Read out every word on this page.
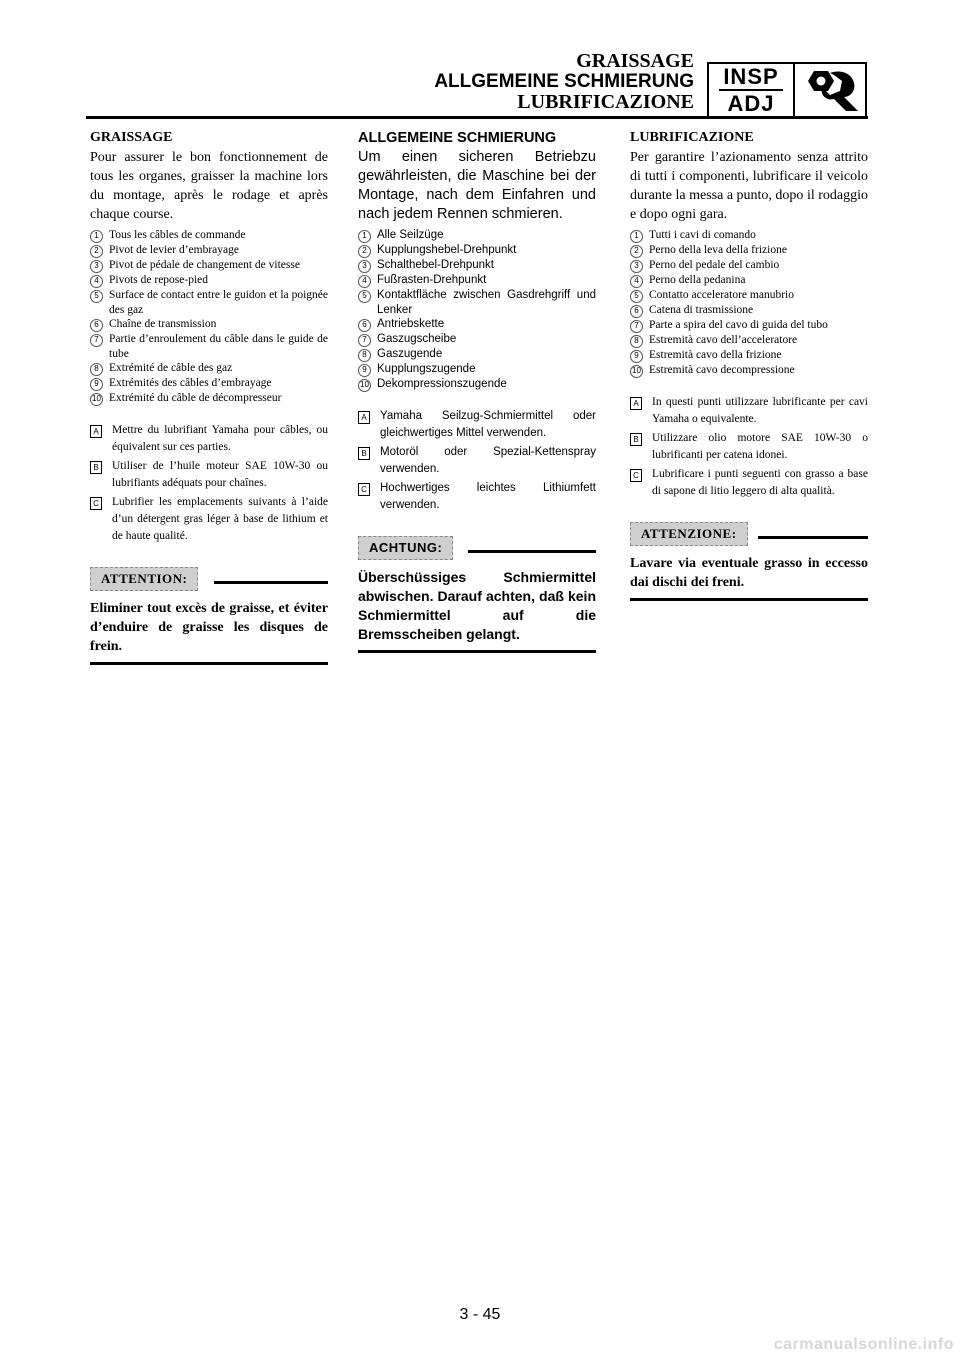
GRAISSAGE
ALLGEMEINE SCHMIERUNG
LUBRIFICAZIONE
INSP
ADJ
GRAISSAGE

Pour assurer le bon fonctionnement de tous les organes, graisser la machine lors du montage, après le rodage et après chaque course.

1 Tous les câbles de commande
2 Pivot de levier d’embrayage
3 Pivot de pédale de changement de vitesse
4 Pivots de repose-pied
5 Surface de contact entre le guidon et la poignée des gaz
6 Chaîne de transmission
7 Partie d’enroulement du câble dans le guide de tube
8 Extrémité de câble des gaz
9 Extrémités des câbles d’embrayage
10 Extrémité du câble de décompresseur
A Mettre du lubrifiant Yamaha pour câbles, ou équivalent sur ces parties.
B Utiliser de l’huile moteur SAE 10W-30 ou lubrifiants adéquats pour chaînes.
C Lubrifier les emplacements suivants à l’aide d’un détergent gras léger à base de lithium et de haute qualité.
ATTENTION:
Eliminer tout excès de graisse, et éviter d’enduire de graisse les disques de frein.
ALLGEMEINE SCHMIERUNG

Um einen sicheren Betriebzu gewährleisten, die Maschine bei der Montage, nach dem Einfahren und nach jedem Rennen schmieren.

1 Alle Seilzüge
2 Kupplungshebel-Drehpunkt
3 Schalthebel-Drehpunkt
4 Fußrasten-Drehpunkt
5 Kontaktfläche zwischen Gasdrehgriff und Lenker
6 Antriebskette
7 Gaszugscheibe
8 Gaszugende
9 Kupplungszugende
10 Dekompressionszugende
A Yamaha Seilzug-Schmiermittel oder gleichwertiges Mittel verwenden.
B Motoröl oder Spezial-Kettenspray verwenden.
C Hochwertiges leichtes Lithiumfett verwenden.
ACHTUNG:
Überschüssiges Schmiermittel abwischen. Darauf achten, daß kein Schmiermittel auf die Bremsscheiben gelangt.
LUBRIFICAZIONE

Per garantire l’azionamento senza attrito di tutti i componenti, lubrificare il veicolo durante la messa a punto, dopo il rodaggio e dopo ogni gara.

1 Tutti i cavi di comando
2 Perno della leva della frizione
3 Perno del pedale del cambio
4 Perno della pedanina
5 Contatto acceleratore manubrio
6 Catena di trasmissione
7 Parte a spira del cavo di guida del tubo
8 Estremità cavo dell’acceleratore
9 Estremità cavo della frizione
10 Estremità cavo decompressione
A In questi punti utilizzare lubrificante per cavi Yamaha o equivalente.
B Utilizzare olio motore SAE 10W-30 o lubrificanti per catena idonei.
C Lubrificare i punti seguenti con grasso a base di sapone di litio leggero di alta qualità.
ATTENZIONE:
Lavare via eventuale grasso in eccesso dai dischi dei freni.
3 - 45
carmanualsonline.info
